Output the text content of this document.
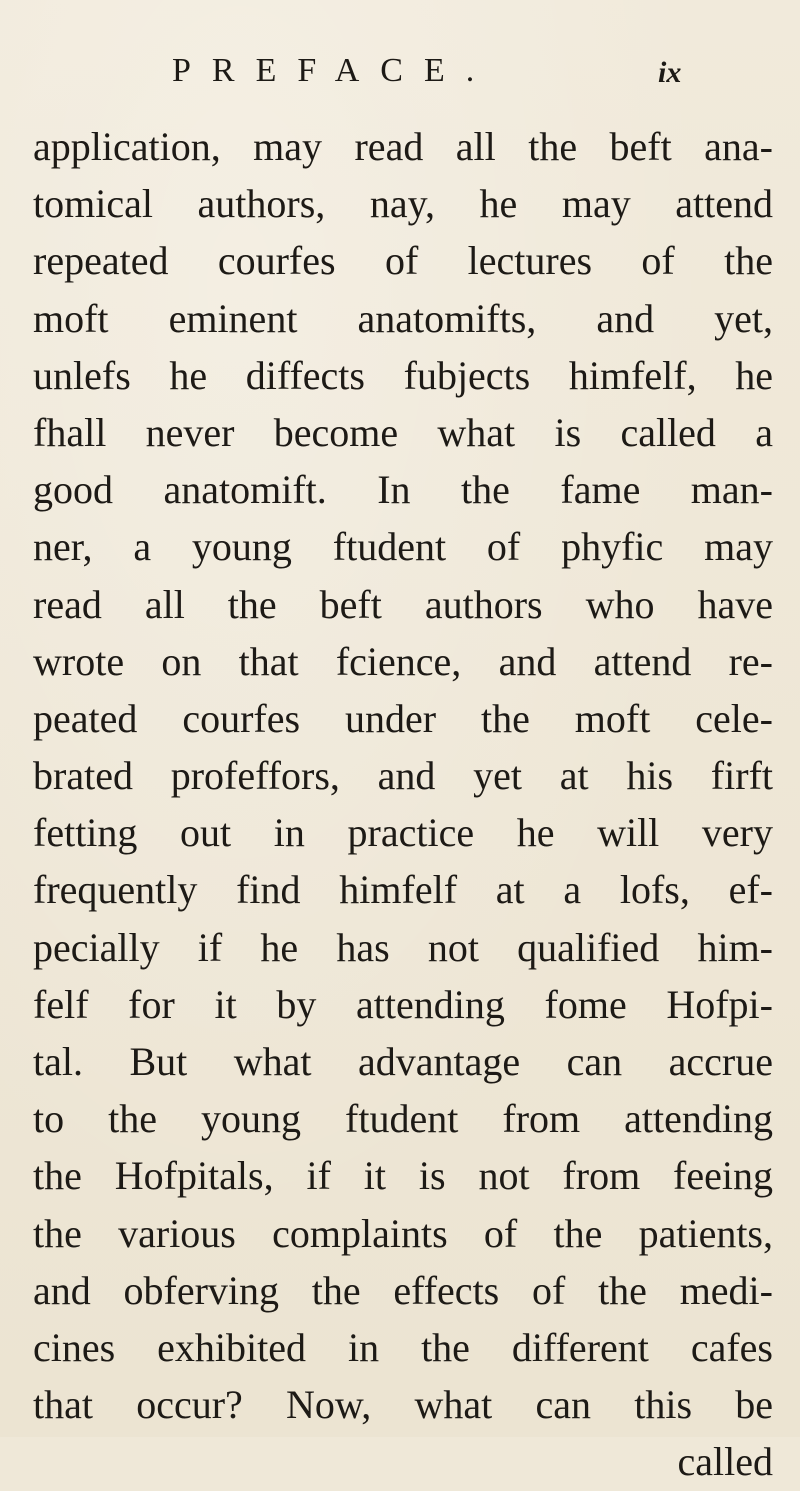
PREFACE.	ix
application, may read all the beft ana-
tomical authors, nay, he may attend
repeated courfes of lectures of the
moft eminent anatomifts, and yet,
unlefs he diffects fubjects himfelf, he
fhall never become what is called a
good anatomift. In the fame man-
ner, a young ftudent of phyfic may
read all the beft authors who have
wrote on that fcience, and attend re-
peated courfes under the moft cele-
brated profeffors, and yet at his firft
fetting out in practice he will very
frequently find himfelf at a lofs, ef-
pecially if he has not qualified him-
felf for it by attending fome Hofpi-
tal. But what advantage can accrue
to the young ftudent from attending
the Hofpitals, if it is not from feeing
the various complaints of the patients,
and obferving the effects of the medi-
cines exhibited in the different cafes
that occur? Now, what can this be
called
